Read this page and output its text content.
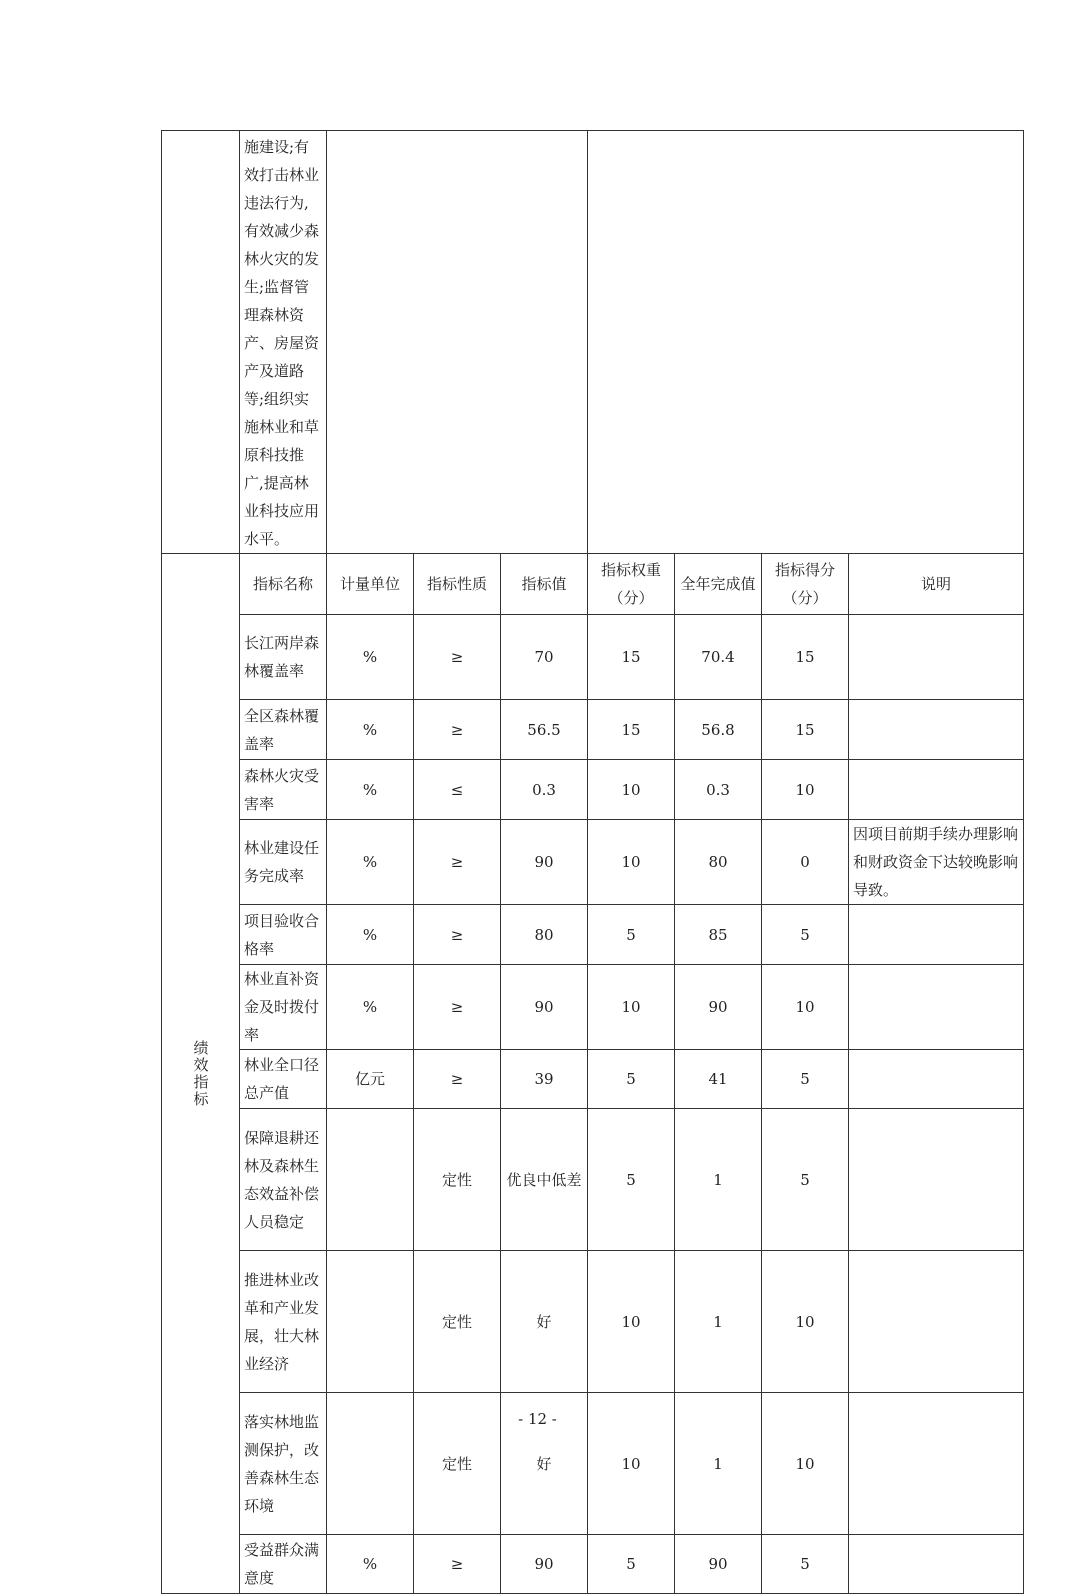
	施建设;有效打击林业违法行为,有效减少森林火灾的发生;监督管理森林资产、房屋资产及道路等;组织实施林业和草原科技推广,提高林业科技应用水平。							
绩效指标	指标名称	计量单位	指标性质	指标值	指标权重（分）	全年完成值	指标得分（分）	说明
	长江两岸森林覆盖率	%	≥	70	15	70.4	15	
	全区森林覆盖率	%	≥	56.5	15	56.8	15	
	森林火灾受害率	%	≤	0.3	10	0.3	10	
	林业建设任务完成率	%	≥	90	10	80	0	因项目前期手续办理影响和财政资金下达较晚影响导致。
	项目验收合格率	%	≥	80	5	85	5	
	林业直补资金及时拨付率	%	≥	90	10	90	10	
	林业全口径总产值	亿元	≥	39	5	41	5	
	保障退耕还林及森林生态效益补偿人员稳定		定性	优良中低差	5	1	5	
	推进林业改革和产业发展，壮大林业经济		定性	好	10	1	10	
	落实林地监测保护，改善森林生态环境		定性	好	10	1	10	
	受益群众满意度	%	≥	90	5	90	5	
- 12 -
